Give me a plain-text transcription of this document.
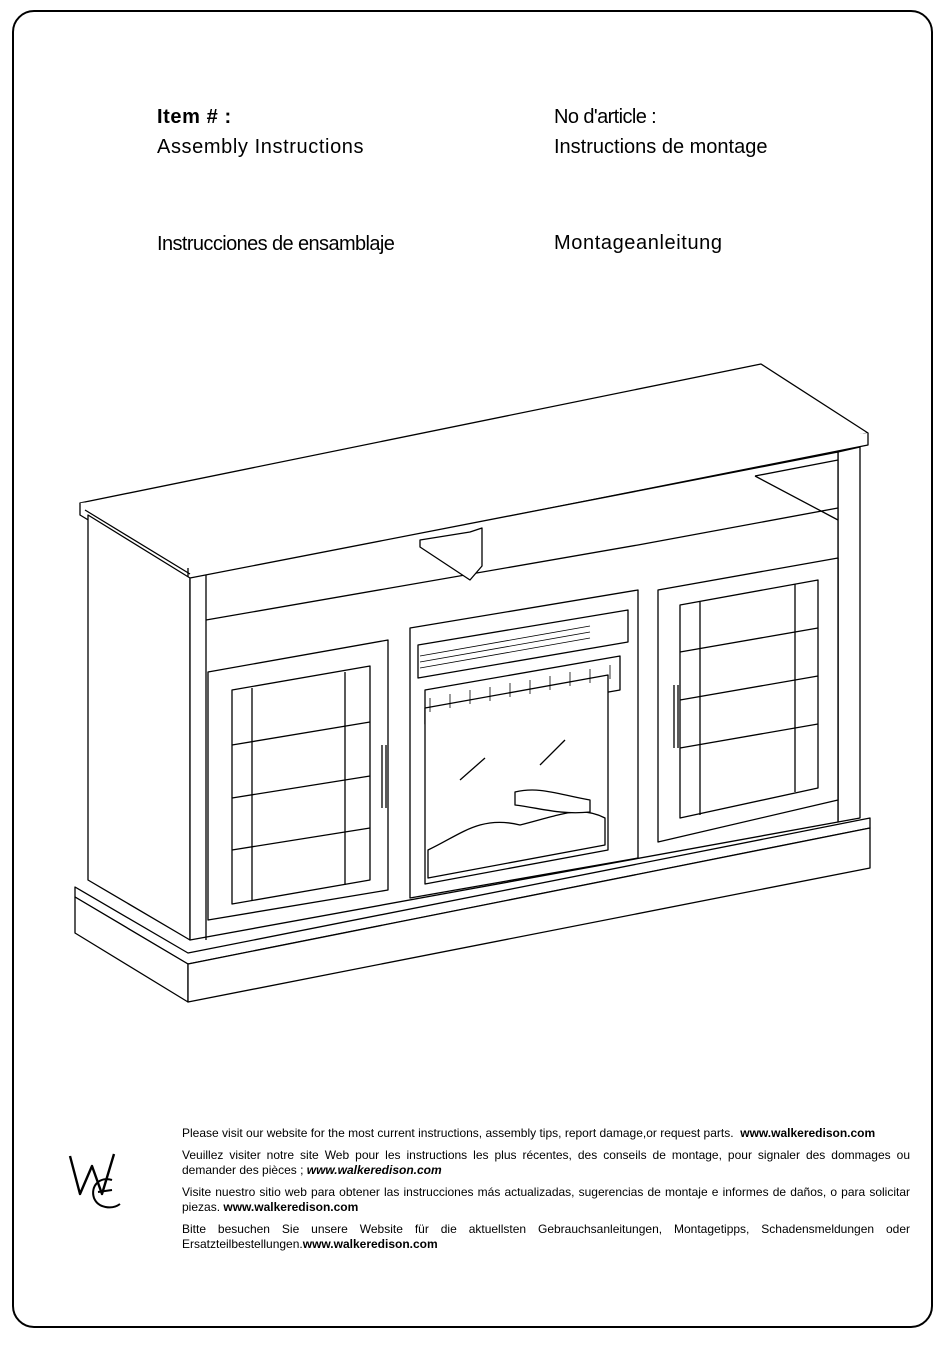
Item # :
Assembly Instructions
No d'article :
Instructions de montage
Instrucciones de ensamblaje	Montageanleitung

Please visit our website for the most current instructions, assembly tips, report damage,or request parts. www.walkeredison.com

Veuillez visiter notre site Web pour les instructions les plus récentes, des conseils de montage, pour signaler des dommages ou demander des pièces ; www.walkeredison.com

Visite nuestro sitio web para obtener las instrucciones más actualizadas, sugerencias de montaje e informes de daños, o para solicitar piezas. www.walkeredison.com

Bitte besuchen Sie unsere Website für die aktuellsten Gebrauchsanleitungen, Montagetipps, Schadensmeldungen oder Ersatzteilbestellungen.www.walkeredison.com
